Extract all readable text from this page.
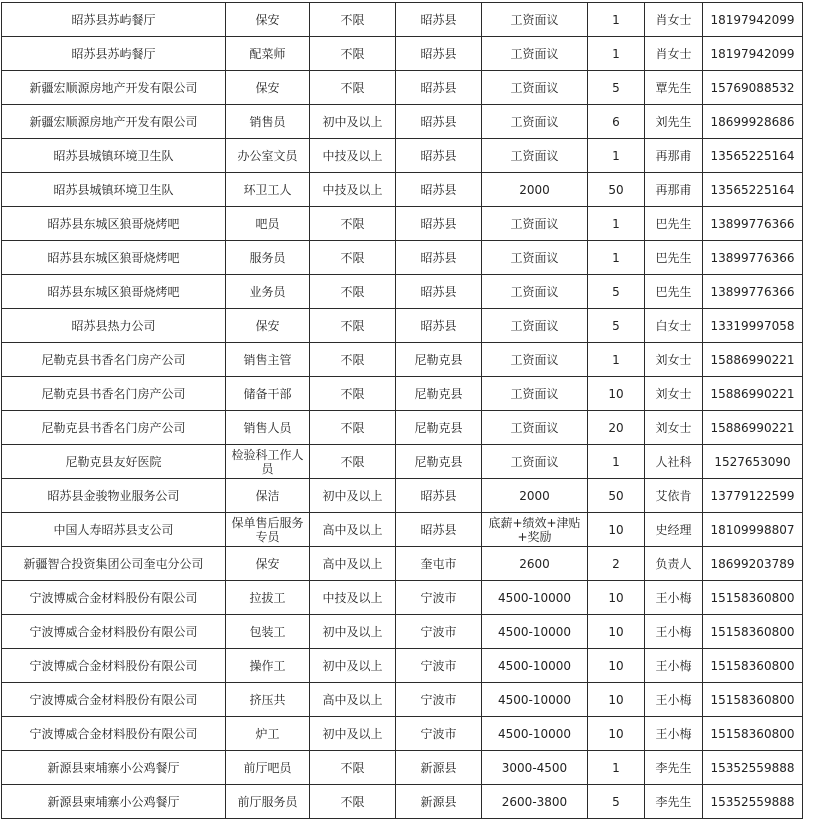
昭苏县苏屿餐厅	保安	不限	昭苏县	工资面议	1	肖女士	18197942099
昭苏县苏屿餐厅	配菜师	不限	昭苏县	工资面议	1	肖女士	18197942099
新疆宏顺源房地产开发有限公司	保安	不限	昭苏县	工资面议	5	覃先生	15769088532
新疆宏顺源房地产开发有限公司	销售员	初中及以上	昭苏县	工资面议	6	刘先生	18699928686
昭苏县城镇环境卫生队	办公室文员	中技及以上	昭苏县	工资面议	1	再那甫	13565225164
昭苏县城镇环境卫生队	环卫工人	中技及以上	昭苏县	2000	50	再那甫	13565225164
昭苏县东城区狼哥烧烤吧	吧员	不限	昭苏县	工资面议	1	巴先生	13899776366
昭苏县东城区狼哥烧烤吧	服务员	不限	昭苏县	工资面议	1	巴先生	13899776366
昭苏县东城区狼哥烧烤吧	业务员	不限	昭苏县	工资面议	5	巴先生	13899776366
昭苏县热力公司	保安	不限	昭苏县	工资面议	5	白女士	13319997058
尼勒克县书香名门房产公司	销售主管	不限	尼勒克县	工资面议	1	刘女士	15886990221
尼勒克县书香名门房产公司	储备干部	不限	尼勒克县	工资面议	10	刘女士	15886990221
尼勒克县书香名门房产公司	销售人员	不限	尼勒克县	工资面议	20	刘女士	15886990221
尼勒克县友好医院	检验科工作人员	不限	尼勒克县	工资面议	1	人社科	1527653090
昭苏县金骏物业服务公司	保洁	初中及以上	昭苏县	2000	50	艾依肯	13779122599
中国人寿昭苏县支公司	保单售后服务专员	高中及以上	昭苏县	底薪+绩效+津贴+奖励	10	史经理	18109998807
新疆智合投资集团公司奎屯分公司	保安	高中及以上	奎屯市	2600	2	负责人	18699203789
宁波博威合金材料股份有限公司	拉拔工	中技及以上	宁波市	4500-10000	10	王小梅	15158360800
宁波博威合金材料股份有限公司	包装工	初中及以上	宁波市	4500-10000	10	王小梅	15158360800
宁波博威合金材料股份有限公司	操作工	初中及以上	宁波市	4500-10000	10	王小梅	15158360800
宁波博威合金材料股份有限公司	挤压共	高中及以上	宁波市	4500-10000	10	王小梅	15158360800
宁波博威合金材料股份有限公司	炉工	初中及以上	宁波市	4500-10000	10	王小梅	15158360800
新源县柬埔寨小公鸡餐厅	前厅吧员	不限	新源县	3000-4500	1	李先生	15352559888
新源县柬埔寨小公鸡餐厅	前厅服务员	不限	新源县	2600-3800	5	李先生	15352559888
